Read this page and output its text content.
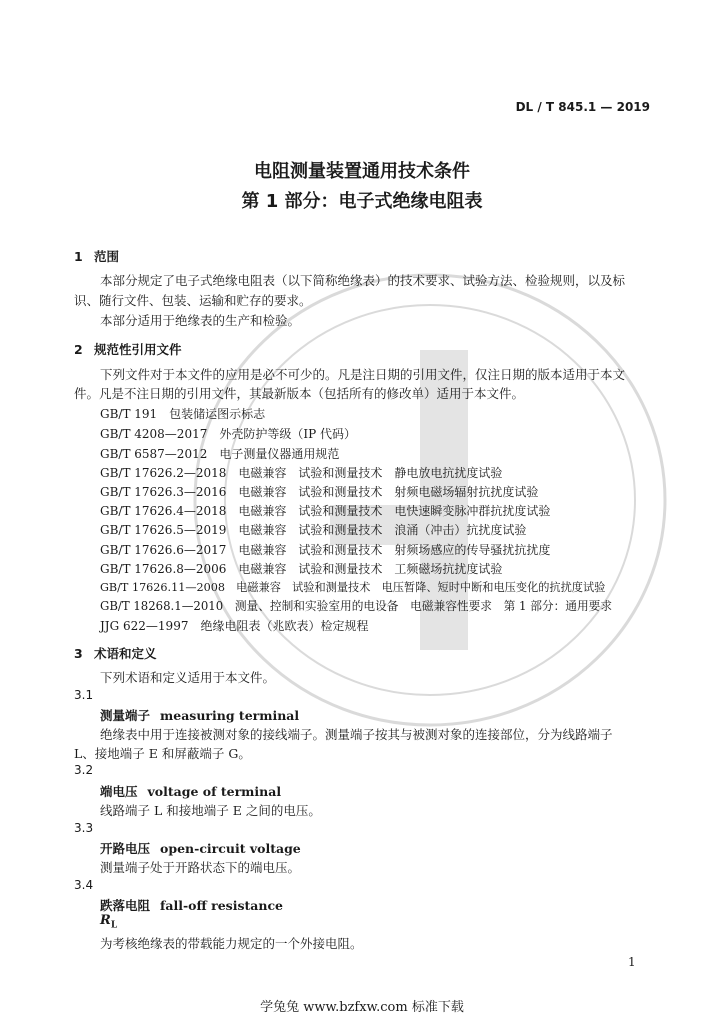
DL / T 845.1 — 2019
电阻测量装置通用技术条件
第 1 部分：电子式绝缘电阻表
1 范围
本部分规定了电子式绝缘电阻表（以下简称绝缘表）的技术要求、试验方法、检验规则，以及标
识、随行文件、包装、运输和贮存的要求。
本部分适用于绝缘表的生产和检验。
2 规范性引用文件
下列文件对于本文件的应用是必不可少的。凡是注日期的引用文件，仅注日期的版本适用于本文
件。凡是不注日期的引用文件，其最新版本（包括所有的修改单）适用于本文件。
GB/T 191　包装储运图示标志
GB/T 4208—2017　外壳防护等级（IP 代码）
GB/T 6587—2012　电子测量仪器通用规范
GB/T 17626.2—2018　电磁兼容　试验和测量技术　静电放电抗扰度试验
GB/T 17626.3—2016　电磁兼容　试验和测量技术　射频电磁场辐射抗扰度试验
GB/T 17626.4—2018　电磁兼容　试验和测量技术　电快速瞬变脉冲群抗扰度试验
GB/T 17626.5—2019　电磁兼容　试验和测量技术　浪涌（冲击）抗扰度试验
GB/T 17626.6—2017　电磁兼容　试验和测量技术　射频场感应的传导骚扰抗扰度
GB/T 17626.8—2006　电磁兼容　试验和测量技术　工频磁场抗扰度试验
GB/T 17626.11—2008　电磁兼容　试验和测量技术　电压暂降、短时中断和电压变化的抗扰度试验
GB/T 18268.1—2010　测量、控制和实验室用的电设备　电磁兼容性要求　第 1 部分：通用要求
JJG 622—1997　绝缘电阻表（兆欧表）检定规程
3 术语和定义
下列术语和定义适用于本文件。
3.1
测量端子 measuring terminal
绝缘表中用于连接被测对象的接线端子。测量端子按其与被测对象的连接部位，分为线路端子
L、接地端子 E 和屏蔽端子 G。
3.2
端电压 voltage of terminal
线路端子 L 和接地端子 E 之间的电压。
3.3
开路电压 open-circuit voltage
测量端子处于开路状态下的端电压。
3.4
跌落电阻 fall-off resistance
$R_L$
为考核绝缘表的带载能力规定的一个外接电阻。
1
学兔兔 www.bzfxw.com 标准下载
